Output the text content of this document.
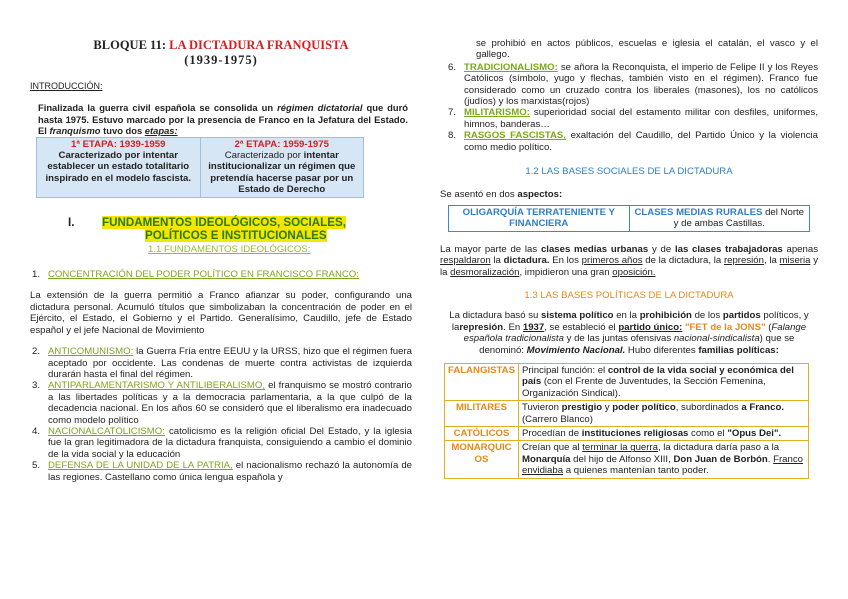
BLOQUE 11: LA DICTADURA FRANQUISTA
(1939-1975)
INTRODUCCIÓN:

Finalizada la guerra civil española se consolida un régimen dictatorial que duró hasta 1975. Estuvo marcado por la presencia de Franco en la Jefatura del Estado. El franquismo tuvo dos etapas:

1ª ETAPA: 1939-1959
Caracterizado por intentar establecer un estado totalitario inspirado en el modelo fascista.

2ª ETAPA: 1959-1975
Caracterizado por intentar institucionalizar un régimen que pretendía hacerse pasar por un Estado de Derecho
I. FUNDAMENTOS IDEOLÓGICOS, SOCIALES,
POLÍTICOS E INSTITUCIONALES
1.1 FUNDAMENTOS IDEOLÓGICOS:
1. CONCENTRACIÓN DEL PODER POLÍTICO EN FRANCISCO FRANCO:

La extensión de la guerra permitió a Franco afianzar su poder, configurando una dictadura personal. Acumuló títulos que simbolizaban la concentración de poder en el Ejército, el Estado, el Gobierno y el Partido. Generalísimo, Caudillo, jefe de Estado español y el jefe Nacional de Movimiento

2. ANTICOMUNISMO: la Guerra Fría entre EEUU y la URSS, hizo que el régimen fuera aceptado por occidente. Las condenas de muerte contra activistas de izquierda durarán hasta el final del régimen.
3. ANTIPARLAMENTARISMO Y ANTILIBERALISMO, el franquismo se mostró contrario a las libertades políticas y a la democracia parlamentaria, a la que culpó de la decadencia nacional. En los años 60 se consideró que el liberalismo era inadecuado como modelo político
4. NACIONALCATOLICISMO: catolicismo es la religión oficial Del Estado, y la iglesia fue la gran legitimadora de la dictadura franquista, consiguiendo a cambio el dominio de la vida social y la educación
5. DEFENSA DE LA UNIDAD DE LA PATRIA, el nacionalismo rechazó la autonomía de las regiones. Castellano como única lengua española y

se prohibió en actos públicos, escuelas e iglesia el catalán, el vasco y el gallego.

6. TRADICIONALISMO: se añora la Reconquista, el imperio de Felipe II y los Reyes Católicos (símbolo, yugo y flechas, también visto en el régimen). Franco fue considerado como un cruzado contra los liberales (masones), los no católicos (judíos) y los marxistas(rojos)
7. MILITARISMO: superioridad social del estamento militar con desfiles, uniformes, himnos, banderas…
8. RASGOS FASCISTAS, exaltación del Caudillo, del Partido Único y la violencia como medio político.
1.2 LAS BASES SOCIALES DE LA DICTADURA

Se asentó en dos aspectos:

OLIGARQUÍA TERRATENIENTE Y FINANCIERA	CLASES MEDIAS RURALES del Norte y de ambas Castillas.

La mayor parte de las clases medias urbanas y de las clases trabajadoras apenas respaldaron la dictadura. En los primeros años de la dictadura, la represión, la miseria y la desmoralización, impidieron una gran oposición.

1.3 LAS BASES POLÍTICAS DE LA DICTADURA

La dictadura basó su sistema político en la prohibición de los partidos políticos, y larepresión. En 1937, se estableció el partido único: "FET de la JONS" (Falange española tradicionalista y de las juntas ofensivas nacional-sindicalista) que se denominó: Movimiento Nacional. Hubo diferentes familias políticas:

FALANGISTAS	Principal función: el control de la vida social y económica del país (con el Frente de Juventudes, la Sección Femenina, Organización Sindical).
MILITARES	Tuvieron prestigio y poder político, subordinados a Franco. (Carrero Blanco)
CATÓLICOS	Procedían de instituciones religiosas como el "Opus Dei".
MONARQUICOS	Creían que al terminar la guerra, la dictadura daría paso a la Monarquía del hijo de Alfonso XIII, Don Juan de Borbón. Franco envidiaba a quienes mantenían tanto poder.
